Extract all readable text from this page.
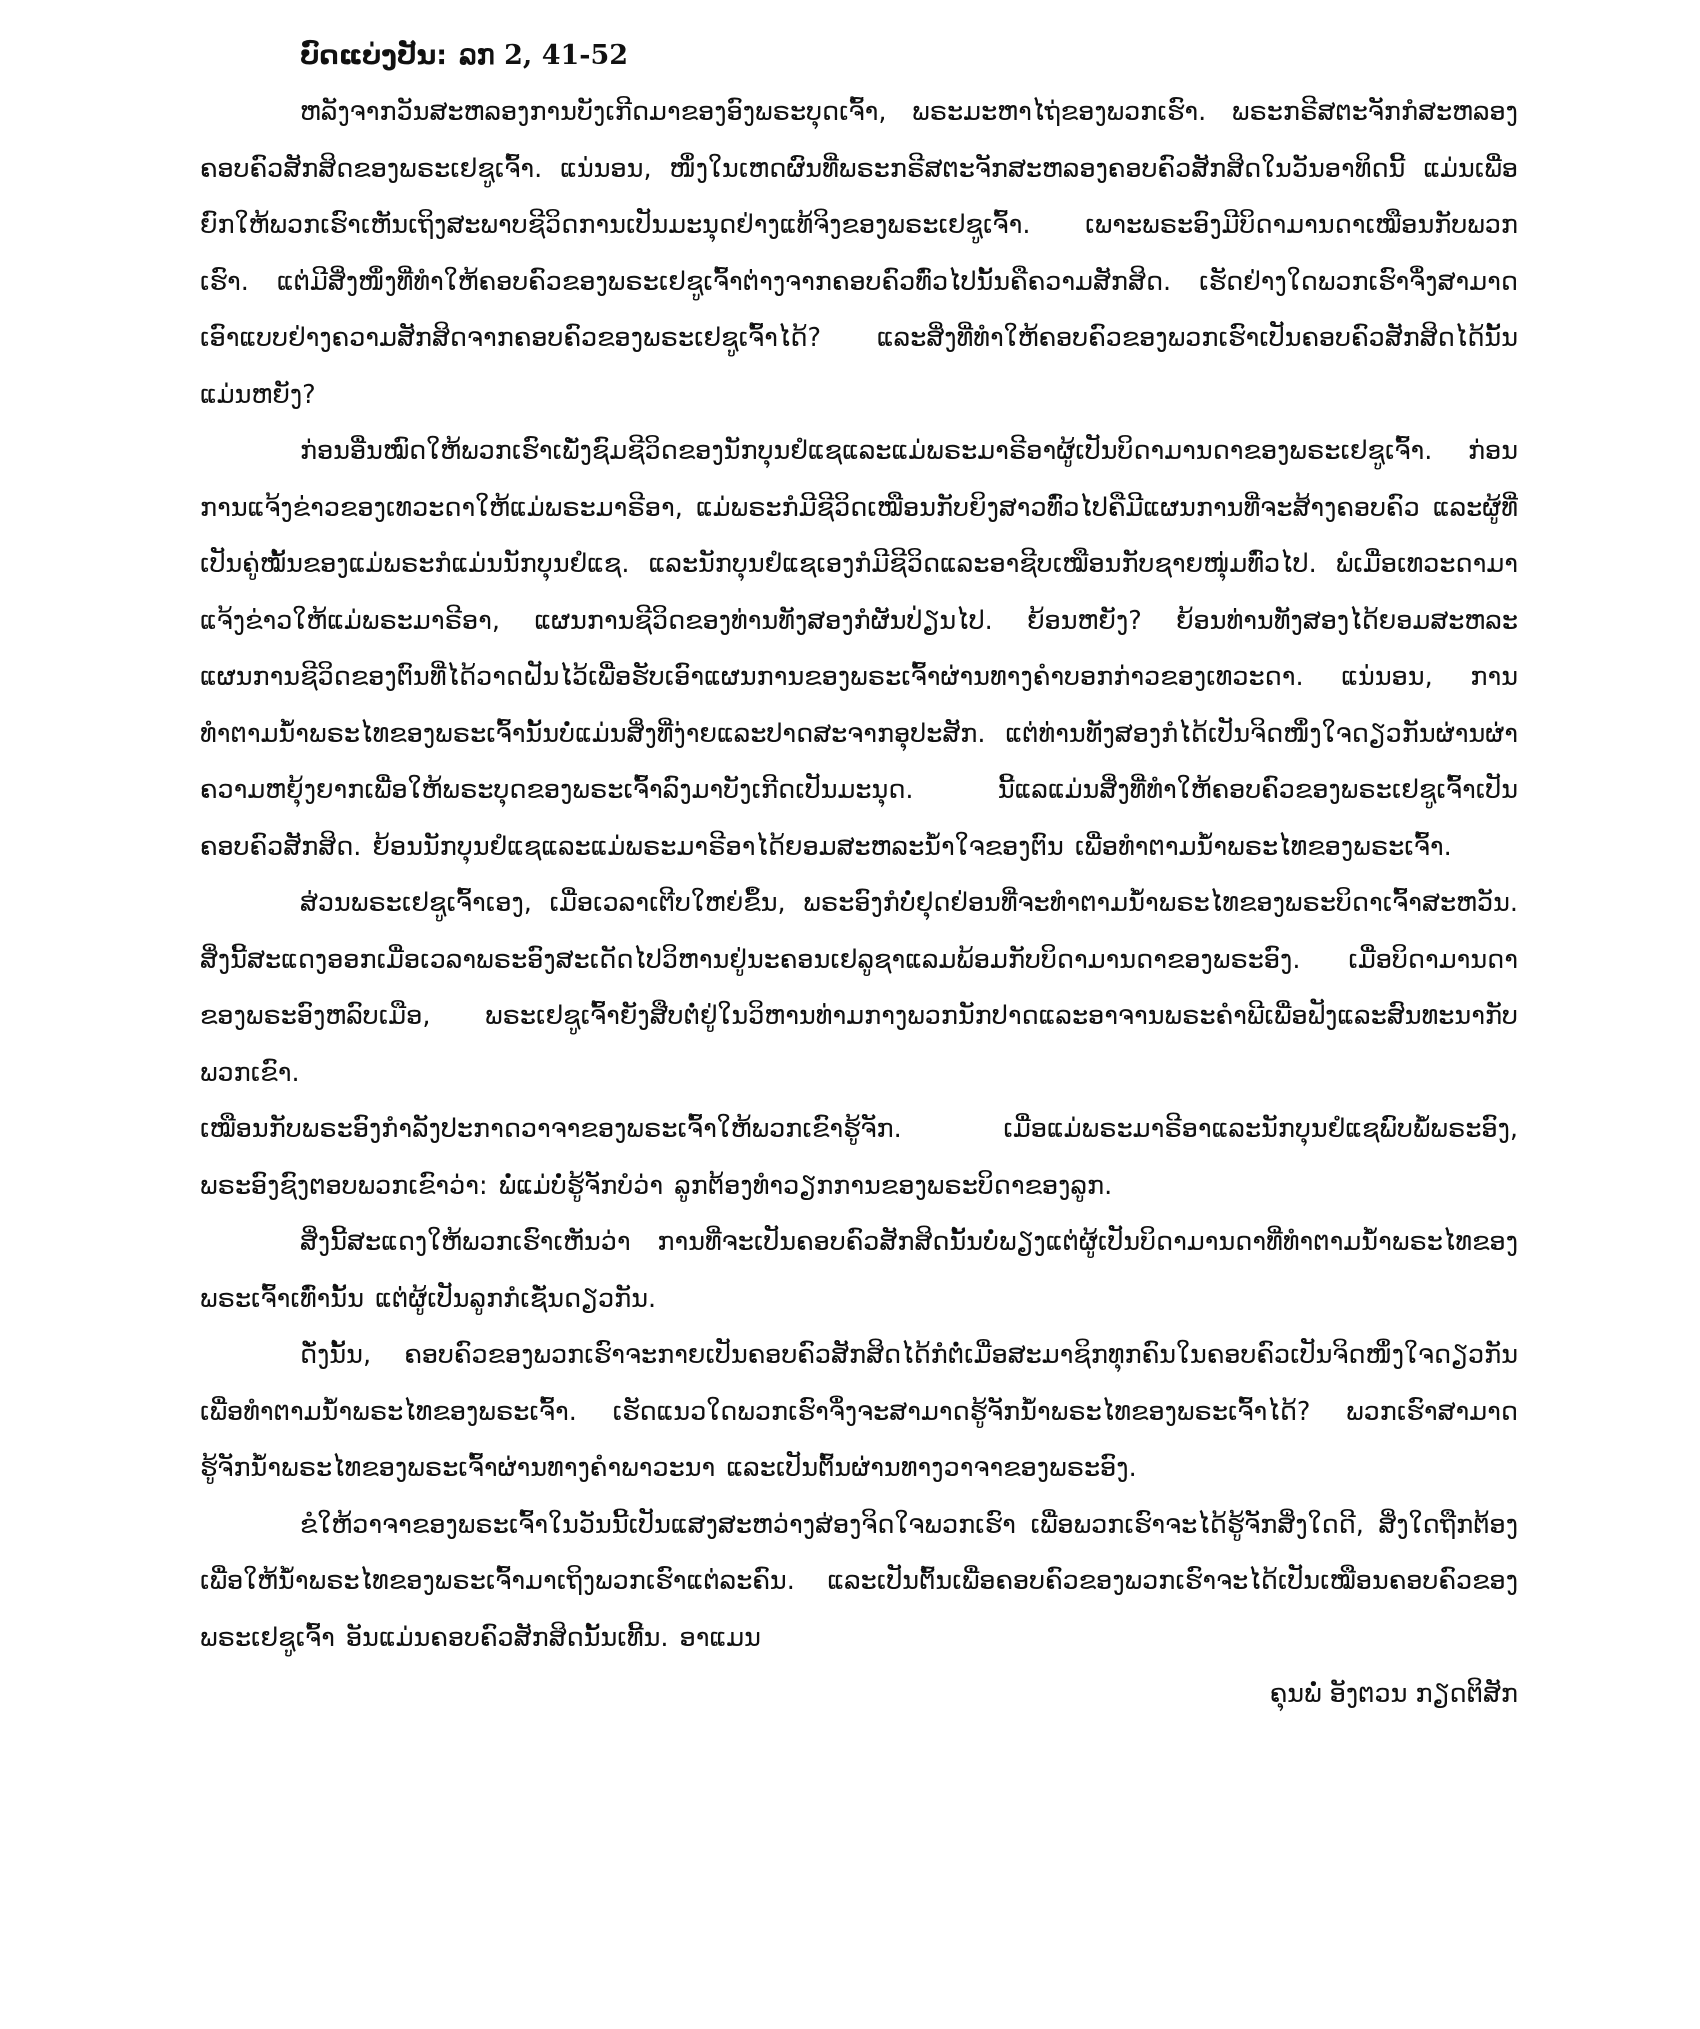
ບົດແບ່ງປັນ: ລກ 2, 41-52

ຫລັງຈາກວັນສະຫລອງການບັງເກີດມາຂອງອົງພຣະບຸດເຈົ້າ, ພຣະມະຫາໄຖ່ຂອງພວກເຮົາ. ພຣະກຣີສຕະຈັກກໍສະຫລອງຄອບຄົວສັກສິດຂອງພຣະເຢຊູເຈົ້າ. ແນ່ນອນ, ໜຶ່ງໃນເຫດຜົນທີ່ພຣະກຣີສຕະຈັກສະຫລອງຄອບຄົວສັກສິດໃນວັນອາທິດນີ້ ແມ່ນເພື່ອຍົກໃຫ້ພວກເຮົາເຫັນເຖິງສະພາບຊີວິດການເປັນມະນຸດຢ່າງແທ້ຈິງຂອງພຣະເຢຊູເຈົ້າ. ເພາະພຣະອົງມີບິດາມານດາເໝືອນກັບພວກເຮົາ. ແຕ່ມີສິ່ງໜຶ່ງທີ່ທຳໃຫ້ຄອບຄົວຂອງພຣະເຢຊູເຈົ້າຕ່າງຈາກຄອບຄົວທົ່ວໄປນັ້ນຄືຄວາມສັກສິດ. ເຮັດຢ່າງໃດພວກເຮົາຈຶ່ງສາມາດເອົາແບບຢ່າງຄວາມສັກສິດຈາກຄອບຄົວຂອງພຣະເຢຊູເຈົ້າໄດ້? ແລະສິ່ງທີ່ທຳໃຫ້ຄອບຄົວຂອງພວກເຮົາເປັນຄອບຄົວສັກສິດໄດ້ນັ້ນແມ່ນຫຍັງ?

ກ່ອນອື່ນໝົດໃຫ້ພວກເຮົາເພັ່ງຊົມຊີວິດຂອງນັກບຸນຢໍແຊແລະແມ່ພຣະມາຣີອາຜູ້ເປັນບິດາມານດາຂອງພຣະເຢຊູເຈົ້າ. ກ່ອນການແຈ້ງຂ່າວຂອງເທວະດາໃຫ້ແມ່ພຣະມາຣີອາ, ແມ່ພຣະກໍມີຊີວິດເໝືອນກັບຍິງສາວທົ່ວໄປຄືມີແຜນການທີ່ຈະສ້າງຄອບຄົວ ແລະຜູ້ທີ່ເປັນຄູ່ໝັ້ນຂອງແມ່ພຣະກໍແມ່ນນັກບຸນຢໍແຊ. ແລະນັກບຸນຢໍແຊເອງກໍມີຊີວິດແລະອາຊີບເໝືອນກັບຊາຍໜຸ່ມທົ່ວໄປ. ພໍເມື່ອເທວະດາມາແຈ້ງຂ່າວໃຫ້ແມ່ພຣະມາຣີອາ, ແຜນການຊີວິດຂອງທ່ານທັງສອງກໍຜັນປ່ຽນໄປ. ຍ້ອນຫຍັງ? ຍ້ອນທ່ານທັງສອງໄດ້ຍອມສະຫລະແຜນການຊີວິດຂອງຕົນທີ່ໄດ້ວາດຝັນໄວ້ເພື່ອຮັບເອົາແຜນການຂອງພຣະເຈົ້າຜ່ານທາງຄຳບອກກ່າວຂອງເທວະດາ. ແນ່ນອນ, ການທຳຕາມນ້ຳພຣະໄທຂອງພຣະເຈົ້ານັ້ນບໍ່ແມ່ນສິ່ງທີ່ງ່າຍແລະປາດສະຈາກອຸປະສັກ. ແຕ່ທ່ານທັງສອງກໍໄດ້ເປັນຈິດໜຶ່ງໃຈດຽວກັນຜ່ານຜ່າຄວາມຫຍຸ້ງຍາກເພື່ອໃຫ້ພຣະບຸດຂອງພຣະເຈົ້າລົງມາບັງເກີດເປັນມະນຸດ. ນີ້ແລແມ່ນສິ່ງທີ່ທຳໃຫ້ຄອບຄົວຂອງພຣະເຢຊູເຈົ້າເປັນຄອບຄົວສັກສິດ. ຍ້ອນນັກບຸນຢໍແຊແລະແມ່ພຣະມາຣີອາໄດ້ຍອມສະຫລະນ້ຳໃຈຂອງຕົນ ເພື່ອທຳຕາມນ້ຳພຣະໄທຂອງພຣະເຈົ້າ.

ສ່ວນພຣະເຢຊູເຈົ້າເອງ, ເມື່ອເວລາເຕີບໃຫຍ່ຂຶ້ນ, ພຣະອົງກໍບໍ່ຢຸດຢ່ອນທີ່ຈະທຳຕາມນ້ຳພຣະໄທຂອງພຣະບິດາເຈົ້າສະຫວັນ. ສິ່ງນີ້ສະແດງອອກເມື່ອເວລາພຣະອົງສະເດັດໄປວິຫານຢູ່ນະຄອນເຢລູຊາແລມພ້ອມກັບບິດາມານດາຂອງພຣະອົງ. ເມື່ອບິດາມານດາຂອງພຣະອົງຫລົບເມືອ, ພຣະເຢຊູເຈົ້າຍັງສືບຕໍ່ຢູ່ໃນວິຫານທ່າມກາງພວກນັກປາດແລະອາຈານພຣະຄຳພີເພື່ອຟັງແລະສົນທະນາກັບພວກເຂົາ.

ເໝືອນກັບພຣະອົງກຳລັງປະກາດວາຈາຂອງພຣະເຈົ້າໃຫ້ພວກເຂົາຮູ້ຈັກ. ເມື່ອແມ່ພຣະມາຣີອາແລະນັກບຸນຢໍແຊພົບພໍ້ພຣະອົງ, ພຣະອົງຊົງຕອບພວກເຂົາວ່າ: ພໍ່ແມ່ບໍ່ຮູ້ຈັກບໍວ່າ ລູກຕ້ອງທຳວຽກການຂອງພຣະບິດາຂອງລູກ.

ສິ່ງນີ້ສະແດງໃຫ້ພວກເຮົາເຫັນວ່າ ການທີ່ຈະເປັນຄອບຄົວສັກສິດນັ້ນບໍ່ພຽງແຕ່ຜູ້ເປັນບິດາມານດາທີ່ທຳຕາມນ້ຳພຣະໄທຂອງພຣະເຈົ້າເທົ່ານັ້ນ ແຕ່ຜູ້ເປັນລູກກໍເຊັ່ນດຽວກັນ.

ດັ່ງນັ້ນ, ຄອບຄົວຂອງພວກເຮົາຈະກາຍເປັນຄອບຄົວສັກສິດໄດ້ກໍຕໍ່ເມື່ອສະມາຊິກທຸກຄົນໃນຄອບຄົວເປັນຈິດໜຶ່ງໃຈດຽວກັນເພື່ອທຳຕາມນ້ຳພຣະໄທຂອງພຣະເຈົ້າ. ເຮັດແນວໃດພວກເຮົາຈຶ່ງຈະສາມາດຮູ້ຈັກນ້ຳພຣະໄທຂອງພຣະເຈົ້າໄດ້? ພວກເຮົາສາມາດຮູ້ຈັກນ້ຳພຣະໄທຂອງພຣະເຈົ້າຜ່ານທາງຄຳພາວະນາ ແລະເປັນຕົ້ນຜ່ານທາງວາຈາຂອງພຣະອົງ.

ຂໍໃຫ້ວາຈາຂອງພຣະເຈົ້າໃນວັນນີ້ເປັນແສງສະຫວ່າງສ່ອງຈິດໃຈພວກເຮົາ ເພື່ອພວກເຮົາຈະໄດ້ຮູ້ຈັກສິ່ງໃດດີ, ສິ່ງໃດຖືກຕ້ອງ ເພື່ອໃຫ້ນ້ຳພຣະໄທຂອງພຣະເຈົ້າມາເຖິງພວກເຮົາແຕ່ລະຄົນ. ແລະເປັນຕົ້ນເພື່ອຄອບຄົວຂອງພວກເຮົາຈະໄດ້ເປັນເໝືອນຄອບຄົວຂອງພຣະເຢຊູເຈົ້າ ອັນແມ່ນຄອບຄົວສັກສິດນັ້ນເທີ້ນ. ອາແມນ

ຄຸນພໍ່ ອັງຕວນ ກຽດຕິສັກ
